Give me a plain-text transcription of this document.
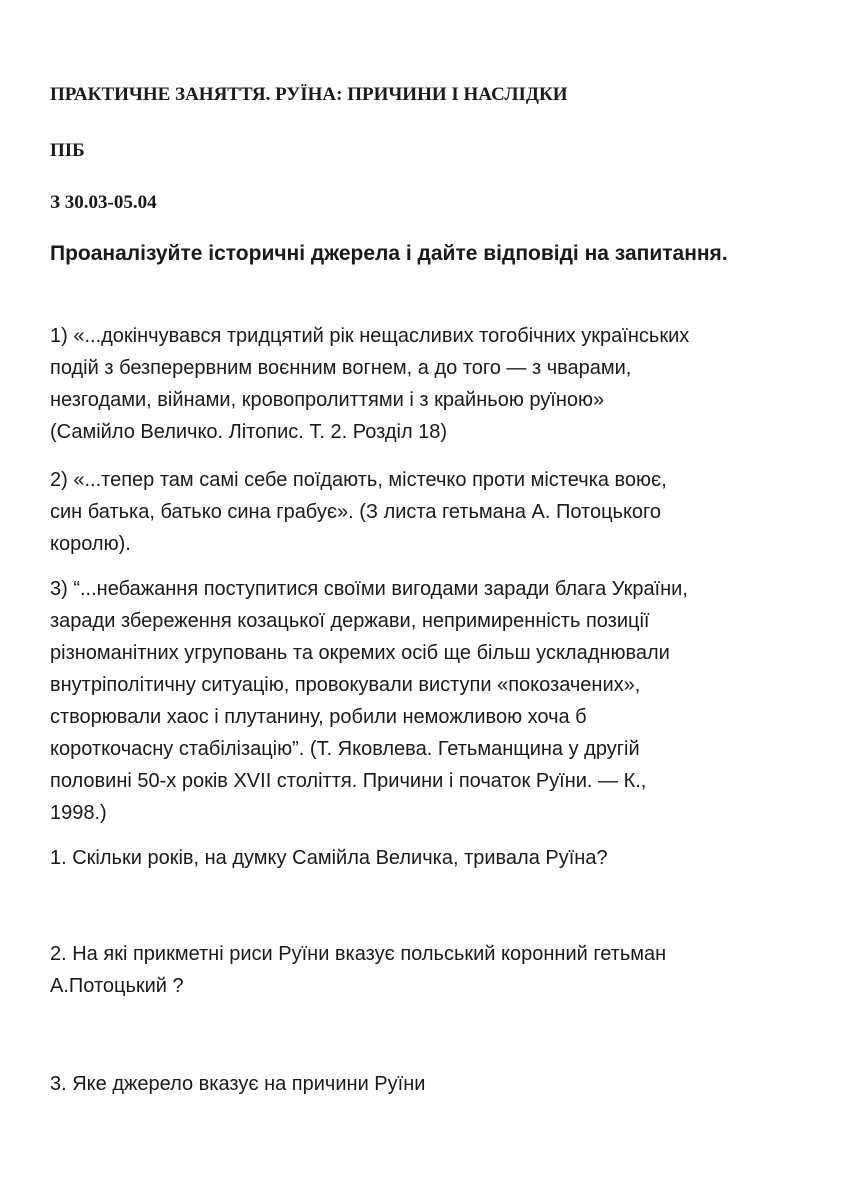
ПРАКТИЧНЕ ЗАНЯТТЯ. РУЇНА: ПРИЧИНИ І НАСЛІДКИ

ПІБ

З 30.03-05.04

Проаналізуйте історичні джерела і дайте відповіді на запитання.

1) «...докінчувався тридцятий рік нещасливих тогобічних українських
подій з безперервним воєнним вогнем, а до того — з чварами,
незгодами, війнами, кровопролиттями і з крайньою руїною»
(Самійло Величко. Літопис. Т. 2. Розділ 18)
2) «...тепер там самі себе поїдають, містечко проти містечка воює,
син батька, батько сина грабує». (З листа гетьмана А. Потоцького
королю).
3) “...небажання поступитися своїми вигодами заради блага України,
заради збереження козацької держави, непримиренність позиції
різноманітних угруповань та окремих осіб ще більш ускладнювали
внутріполітичну ситуацію, провокували виступи «покозачених»,
створювали хаос і плутанину, робили неможливою хоча б
короткочасну стабілізацію”. (Т. Яковлева. Гетьманщина у другій
половині 50-х років XVII століття. Причини і початок Руїни. — К.,
1998.)
1. Скільки років, на думку Самійла Величка, тривала Руїна?
2. На які прикметні риси Руїни вказує польський коронний гетьман
А.Потоцький ?
3. Яке джерело вказує на причини Руїни
